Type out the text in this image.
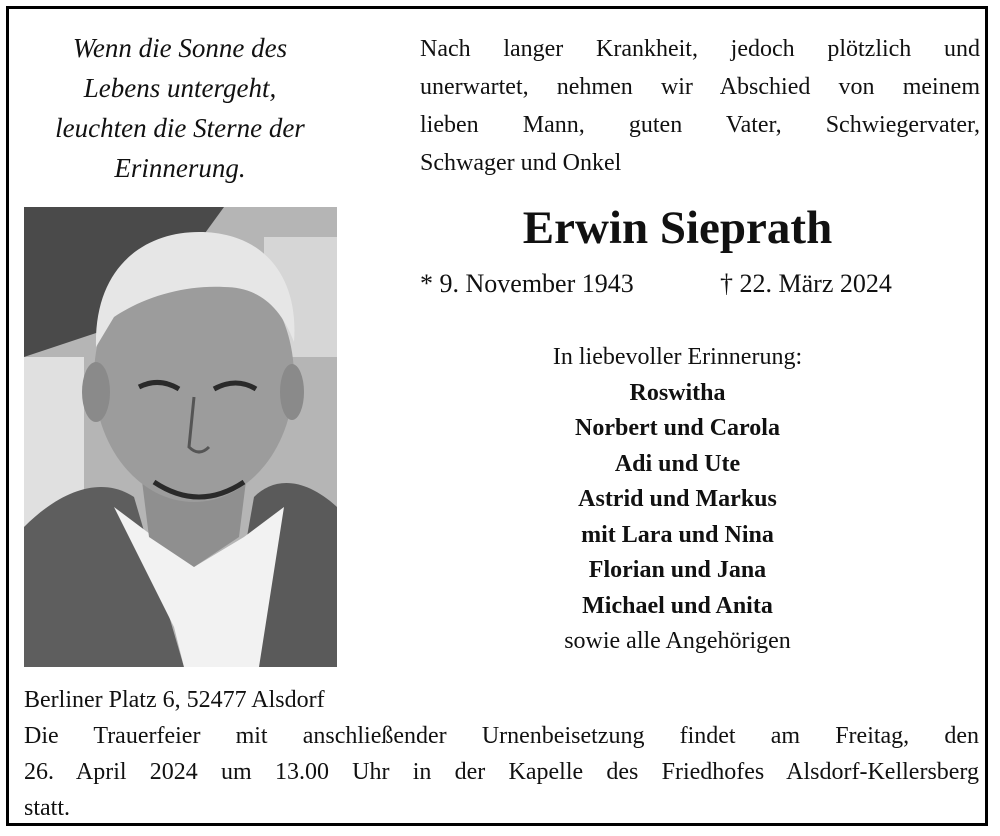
Wenn die Sonne des
Lebens untergeht,
leuchten die Sterne der
Erinnerung.
Nach langer Krankheit, jedoch plötzlich und
unerwartet, nehmen wir Abschied von meinem
lieben Mann, guten Vater, Schwiegervater,
Schwager und Onkel
Erwin Sieprath
* 9. November 1943	† 22. März 2024
In liebevoller Erinnerung:
Roswitha
Norbert und Carola
Adi und Ute
Astrid und Markus
mit Lara und Nina
Florian und Jana
Michael und Anita
sowie alle Angehörigen
Berliner Platz 6, 52477 Alsdorf
Die Trauerfeier mit anschließender Urnenbeisetzung findet am Freitag, den
26. April 2024 um 13.00 Uhr in der Kapelle des Friedhofes Alsdorf-Kellersberg
statt.
